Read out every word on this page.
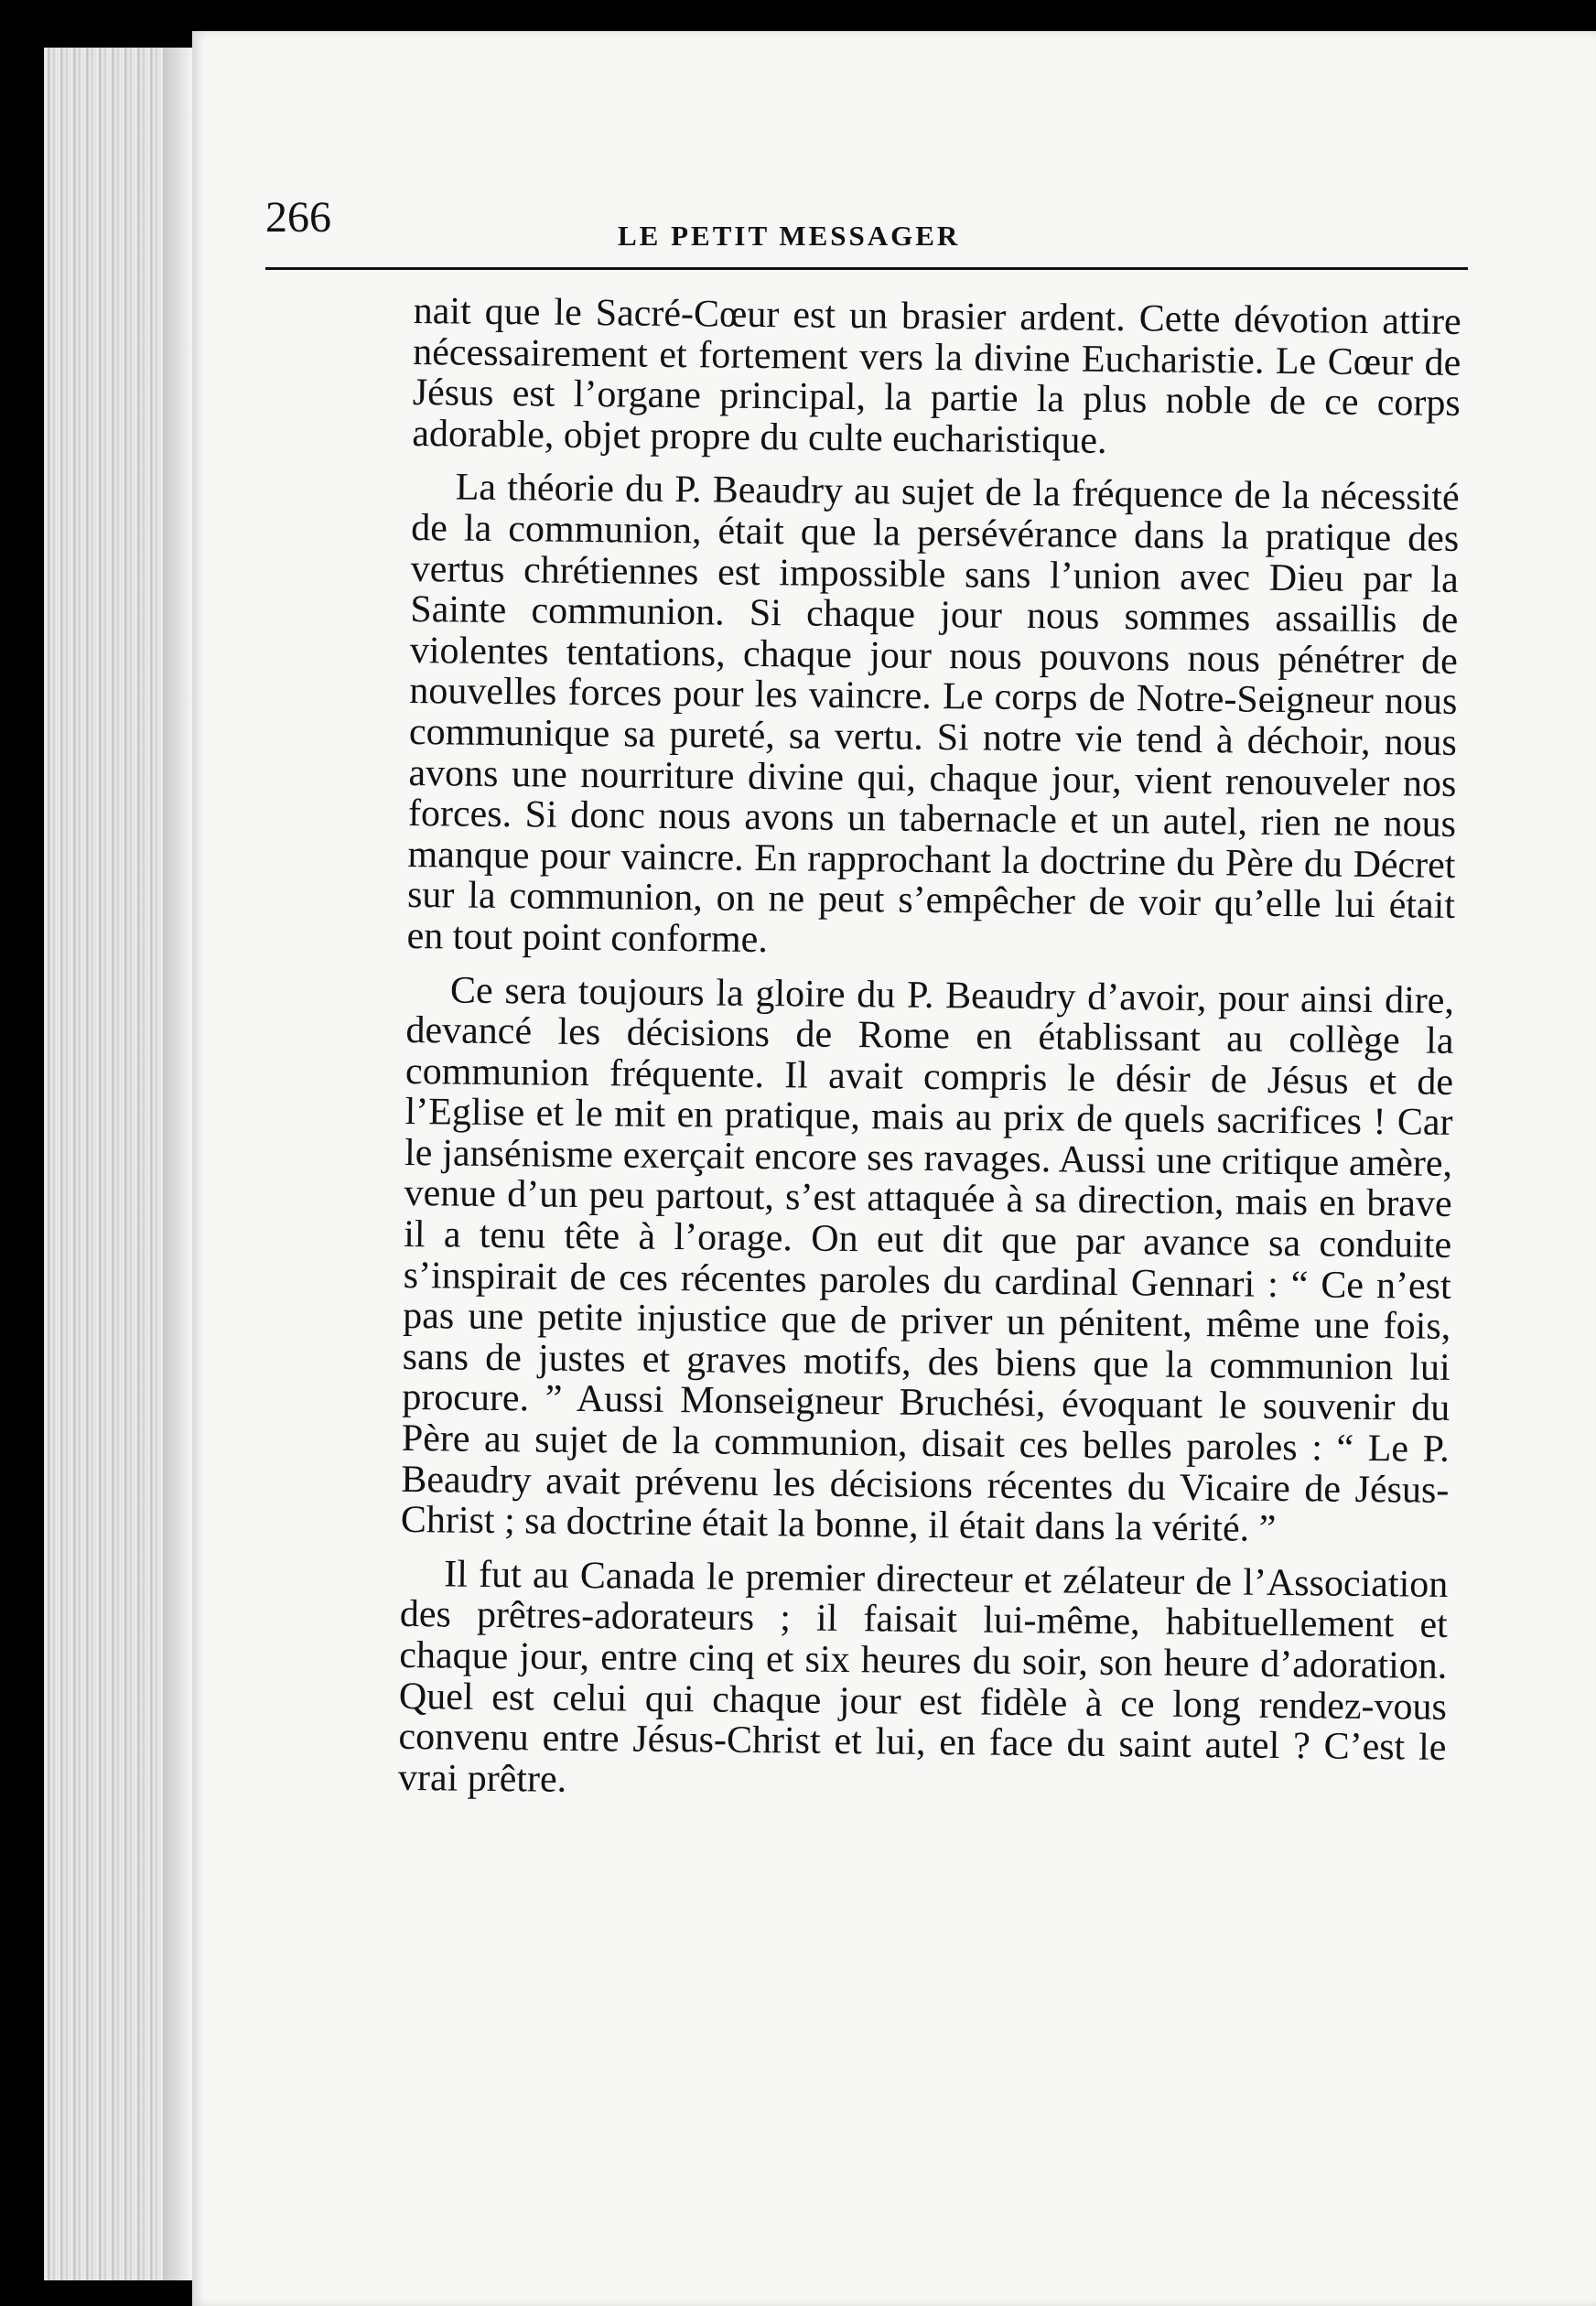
266	LE PETIT MESSAGER

nait que le Sacré-Cœur est un brasier ardent. Cette dévotion attire nécessairement et fortement vers la divine Eucharistie. Le Cœur de Jésus est l’organe principal, la partie la plus noble de ce corps adorable, objet propre du culte eucharistique.

La théorie du P. Beaudry au sujet de la fréquence de la nécessité de la communion, était que la persévérance dans la pratique des vertus chrétiennes est impossible sans l’union avec Dieu par la Sainte communion. Si chaque jour nous sommes assaillis de violentes tentations, chaque jour nous pouvons nous pénétrer de nouvelles forces pour les vaincre. Le corps de Notre-Seigneur nous communique sa pureté, sa vertu. Si notre vie tend à déchoir, nous avons une nourriture divine qui, chaque jour, vient renouveler nos forces. Si donc nous avons un tabernacle et un autel, rien ne nous manque pour vaincre. En rapprochant la doctrine du Père du Décret sur la communion, on ne peut s’empêcher de voir qu’elle lui était en tout point conforme.

Ce sera toujours la gloire du P. Beaudry d’avoir, pour ainsi dire, devancé les décisions de Rome en établissant au collège la communion fréquente. Il avait compris le désir de Jésus et de l’Eglise et le mit en pratique, mais au prix de quels sacrifices ! Car le jansénisme exerçait encore ses ravages. Aussi une critique amère, venue d’un peu partout, s’est attaquée à sa direction, mais en brave il a tenu tête à l’orage. On eut dit que par avance sa conduite s’inspirait de ces récentes paroles du cardinal Gennari : “ Ce n’est pas une petite injustice que de priver un pénitent, même une fois, sans de justes et graves motifs, des biens que la communion lui procure. ” Aussi Monseigneur Bruchési, évoquant le souvenir du Père au sujet de la communion, disait ces belles paroles : “ Le P. Beaudry avait prévenu les décisions récentes du Vicaire de Jésus-Christ ; sa doctrine était la bonne, il était dans la vérité. ”

Il fut au Canada le premier directeur et zélateur de l’Association des prêtres-adorateurs ; il faisait lui-même, habituellement et chaque jour, entre cinq et six heures du soir, son heure d’adoration. Quel est celui qui chaque jour est fidèle à ce long rendez-vous convenu entre Jésus-Christ et lui, en face du saint autel ? C’est le vrai prêtre.
